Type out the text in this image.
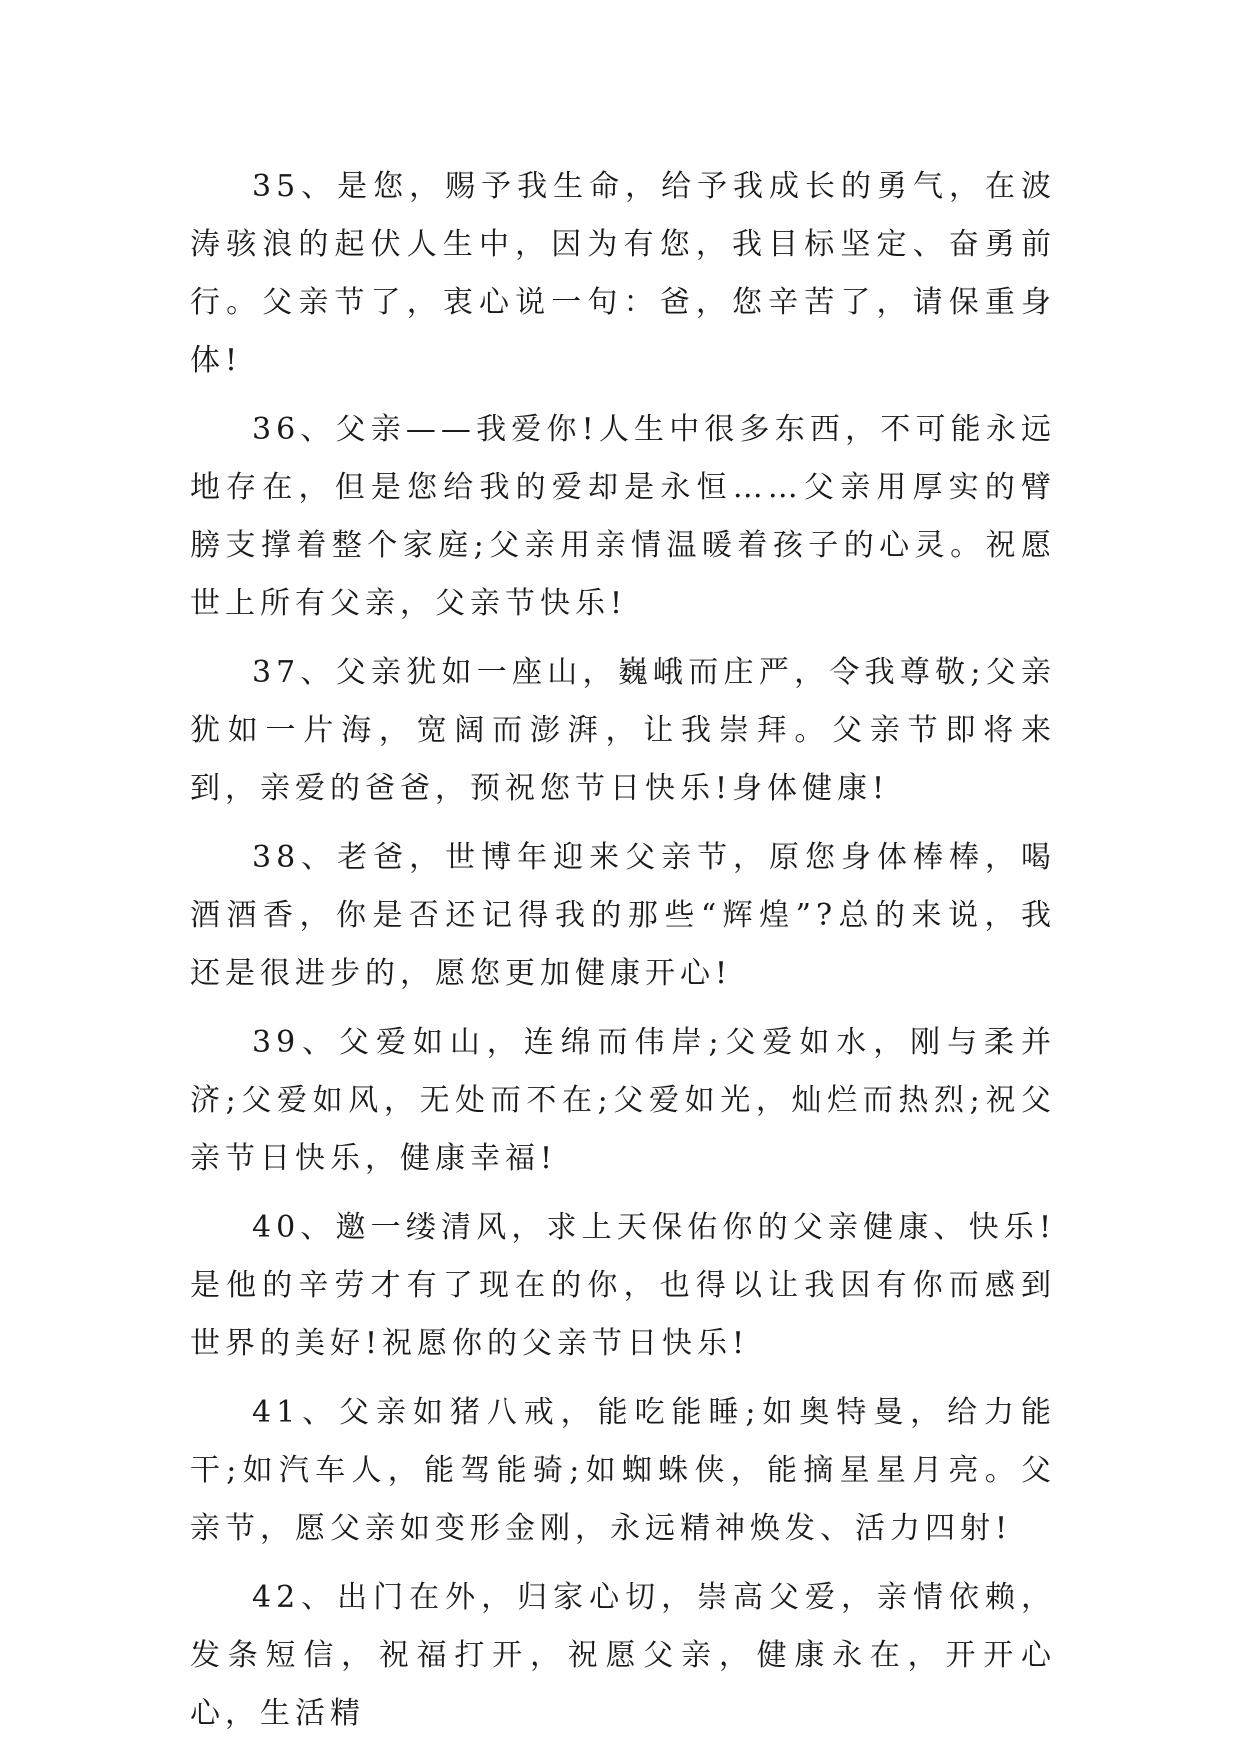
35、是您，赐予我生命，给予我成长的勇气，在波涛骇浪的起伏人生中，因为有您，我目标坚定、奋勇前行。父亲节了，衷心说一句：爸，您辛苦了，请保重身体!

36、父亲——我爱你!人生中很多东西，不可能永远地存在，但是您给我的爱却是永恒……父亲用厚实的臂膀支撑着整个家庭;父亲用亲情温暖着孩子的心灵。祝愿世上所有父亲，父亲节快乐!

37、父亲犹如一座山，巍峨而庄严，令我尊敬;父亲犹如一片海，宽阔而澎湃，让我崇拜。父亲节即将来到，亲爱的爸爸，预祝您节日快乐!身体健康!

38、老爸，世博年迎来父亲节，原您身体棒棒，喝酒酒香，你是否还记得我的那些“辉煌”?总的来说，我还是很进步的，愿您更加健康开心!

39、父爱如山，连绵而伟岸;父爱如水，刚与柔并济;父爱如风，无处而不在;父爱如光，灿烂而热烈;祝父亲节日快乐，健康幸福!

40、邀一缕清风，求上天保佑你的父亲健康、快乐!是他的辛劳才有了现在的你，也得以让我因有你而感到世界的美好!祝愿你的父亲节日快乐!

41、父亲如猪八戒，能吃能睡;如奥特曼，给力能干;如汽车人，能驾能骑;如蜘蛛侠，能摘星星月亮。父亲节，愿父亲如变形金刚，永远精神焕发、活力四射!

42、出门在外，归家心切，崇高父爱，亲情依赖，发条短信，祝福打开，祝愿父亲，健康永在，开开心心，生活精
